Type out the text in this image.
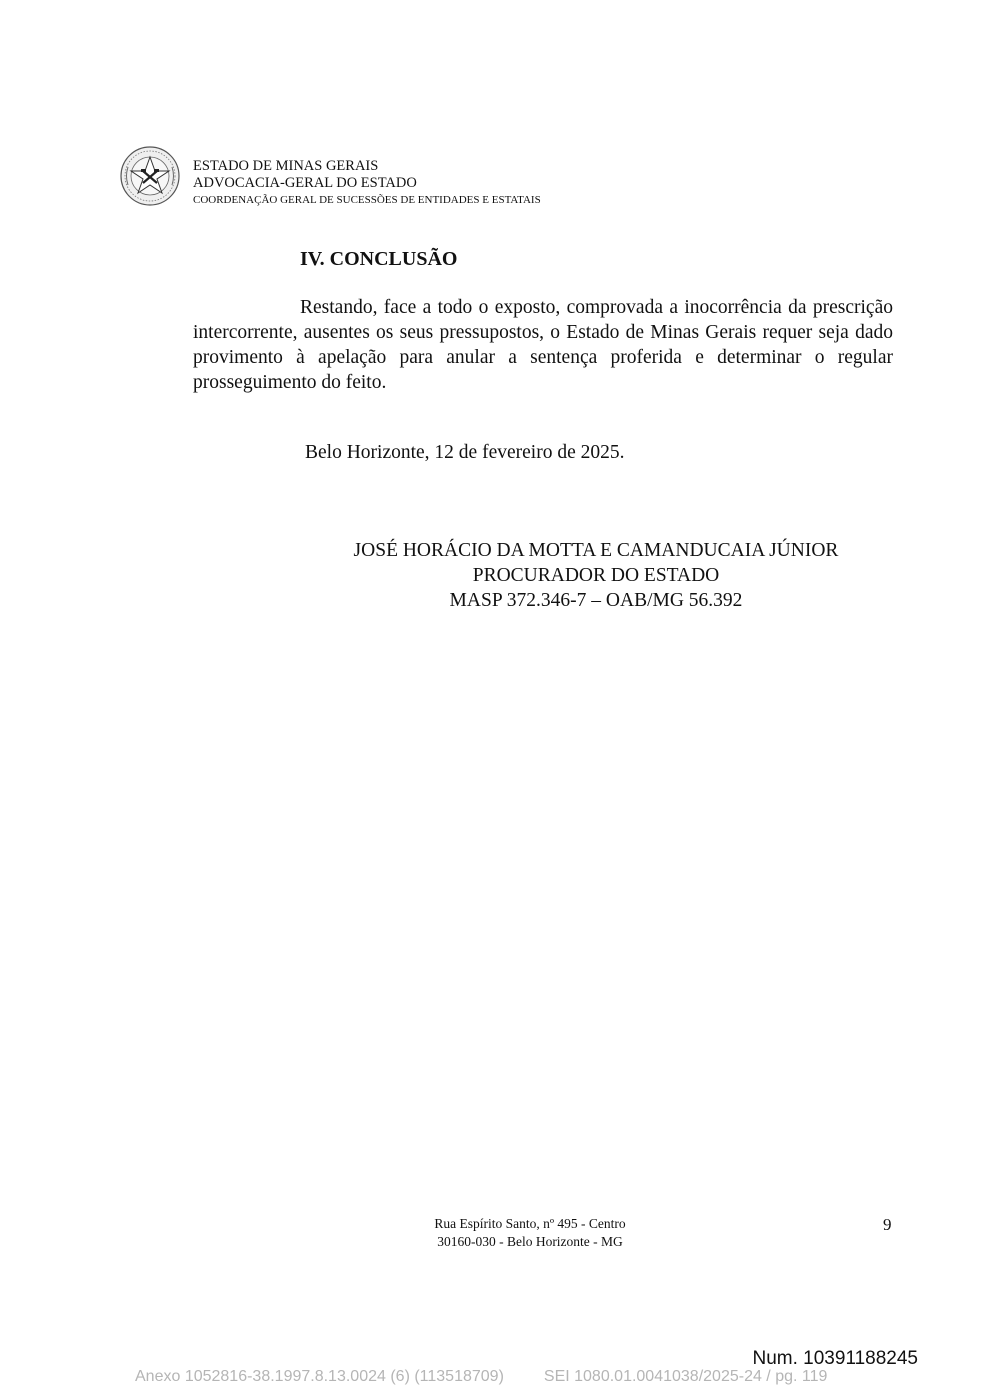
ESTADO DE MINAS GERAIS
ADVOCACIA-GERAL DO ESTADO
COORDENAÇÃO GERAL DE SUCESSÕES DE ENTIDADES E ESTATAIS
IV. CONCLUSÃO

Restando, face a todo o exposto, comprovada a inocorrência da prescrição intercorrente, ausentes os seus pressupostos, o Estado de Minas Gerais requer seja dado provimento à apelação para anular a sentença proferida e determinar o regular prosseguimento do feito.

Belo Horizonte, 12 de fevereiro de 2025.
JOSÉ HORÁCIO DA MOTTA E CAMANDUCAIA JÚNIOR
PROCURADOR DO ESTADO
MASP 372.346-7 – OAB/MG 56.392
Rua Espírito Santo, nº 495 - Centro
30160-030 - Belo Horizonte - MG
9
Num. 10391188245
Anexo 1052816-38.1997.8.13.0024 (6) (113518709)	SEI 1080.01.0041038/2025-24 / pg. 119
